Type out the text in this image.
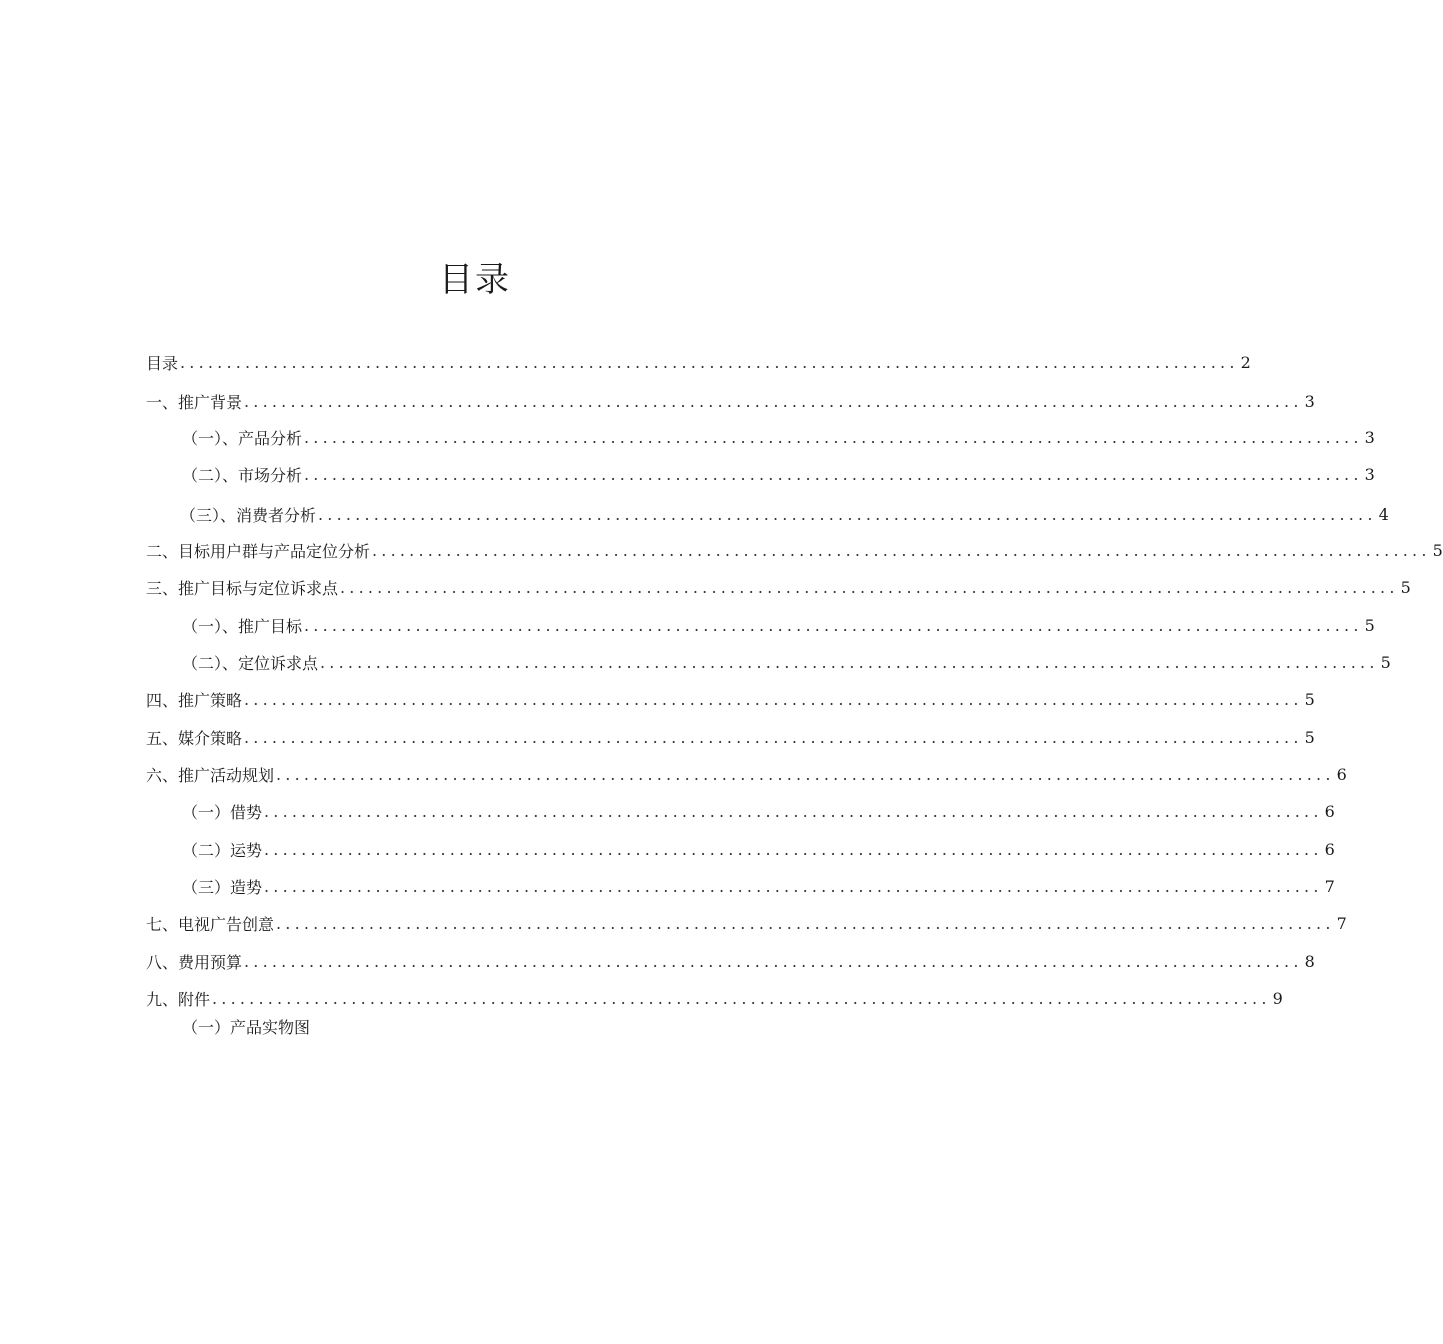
目录
目录 .................................................................................................................. 2
一、推广背景 .................................................................................................................. 3
（一）、产品分析 .................................................................................................................. 3
（二）、市场分析 .................................................................................................................. 3
（三）、消费者分析 .................................................................................................................. 4
二、目标用户群与产品定位分析 .................................................................................................................. 5
三、推广目标与定位诉求点 .................................................................................................................. 5
（一）、推广目标 .................................................................................................................. 5
（二）、定位诉求点 .................................................................................................................. 5
四、推广策略 .................................................................................................................. 5
五、媒介策略 .................................................................................................................. 5
六、推广活动规划 .................................................................................................................. 6
（一）借势 .................................................................................................................. 6
（二）运势 .................................................................................................................. 6
（三）造势 .................................................................................................................. 7
七、电视广告创意 .................................................................................................................. 7
八、费用预算 .................................................................................................................. 8
九、附件 .................................................................................................................. 9
（一）产品实物图
